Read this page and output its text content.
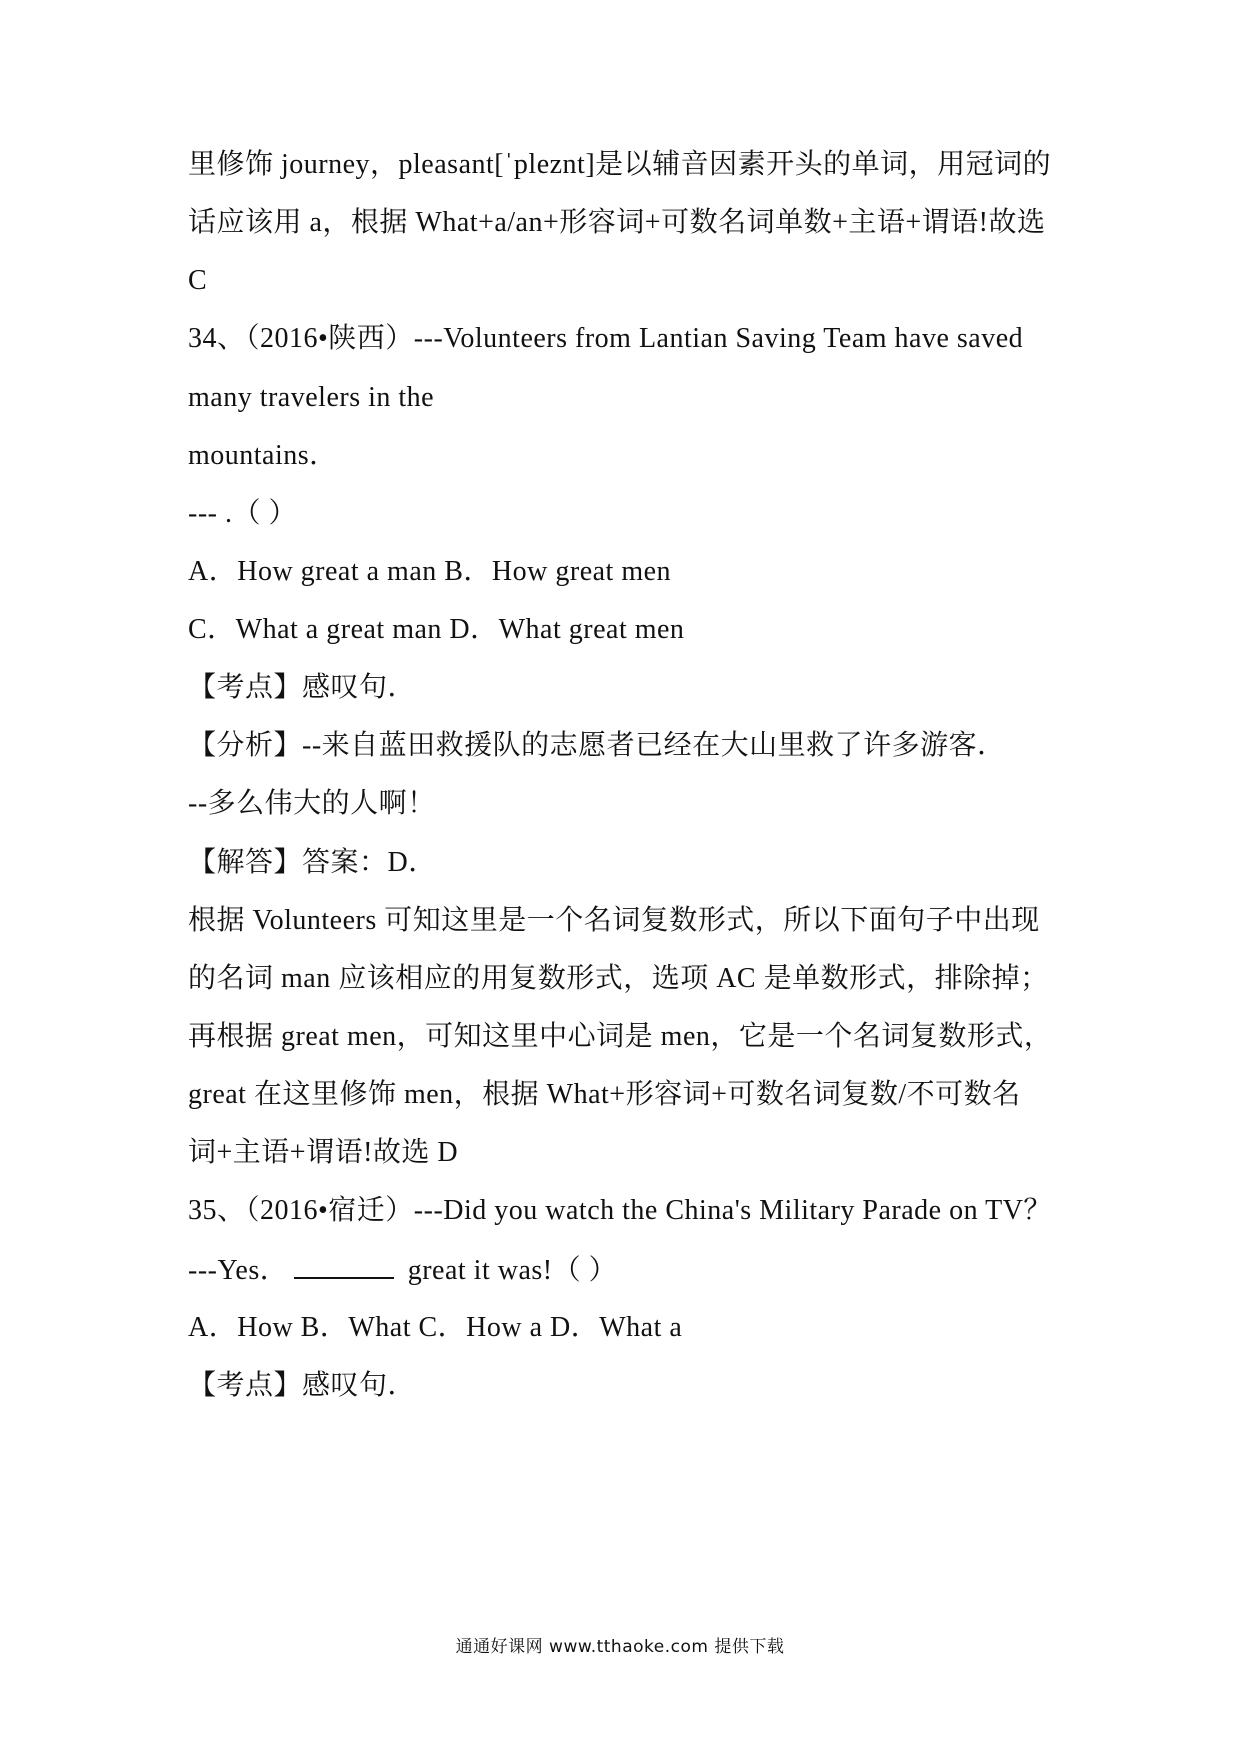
里修饰 journey，pleasant[ˈpleznt]是以辅音因素开头的单词，用冠词的
话应该用 a，根据 What+a/an+形容词+可数名词单数+主语+谓语!故选
C
34、（2016•陕西）---Volunteers from Lantian Saving Team have saved
many travelers in the
mountains．
--- .（ ）
A．How great a man B．How great men
C．What a great man D．What great men
【考点】感叹句．
【分析】--来自蓝田救援队的志愿者已经在大山里救了许多游客．
--多么伟大的人啊！
【解答】答案：D．
根据 Volunteers 可知这里是一个名词复数形式，所以下面句子中出现
的名词 man 应该相应的用复数形式，选项 AC 是单数形式，排除掉；
再根据 great men，可知这里中心词是 men，它是一个名词复数形式，
great 在这里修饰 men，根据 What+形容词+可数名词复数/不可数名
词+主语+谓语!故选 D
35、（2016•宿迁）---Did you watch the China's Military Parade on TV？
---Yes．	great it was!（ ）
A．How B．What C．How a D．What a
【考点】感叹句．
通通好课网 www.tthaoke.com 提供下载
